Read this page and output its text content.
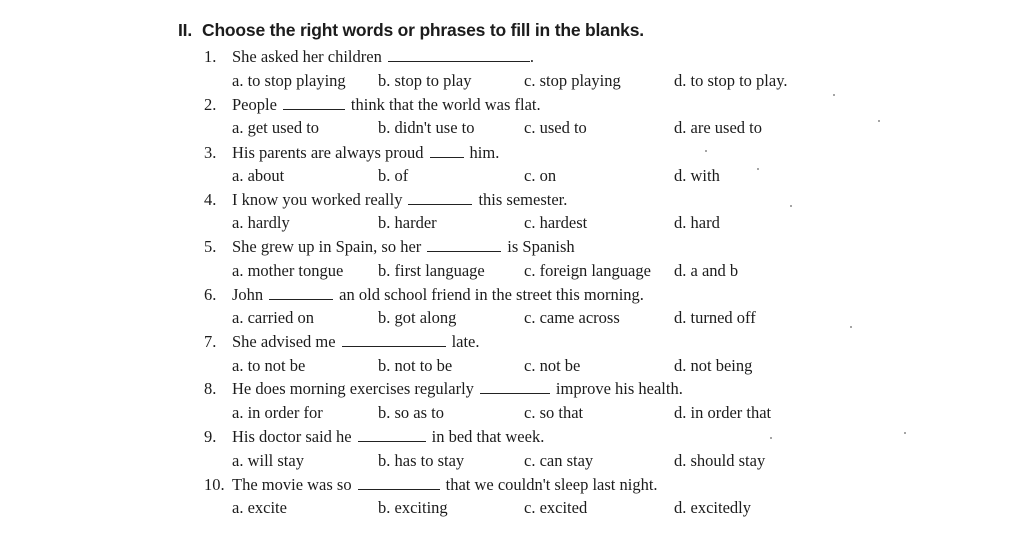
II. Choose the right words or phrases to fill in the blanks.
1. She asked her children	.
a. to stop playing b. stop to play	c. stop playing	d. to stop to play.
2. People	think that the world was flat.
a. get used to	b. didn't use to	c. used to	d. are used to
3. His parents are always proud	him.
a. about	b. of	c. on	d. with
4. I know you worked really	this semester.
a. hardly	b. harder	c. hardest	d. hard
5. She grew up in Spain, so her	is Spanish
a. mother tongue b. first language c. foreign language d. a and b
6. John	an old school friend in the street this morning.
a. carried on	b. got along	c. came across	d. turned off
7. She advised me	late.
a. to not be	b. not to be	c. not be	d. not being
8. He does morning exercises regularly	improve his health.
a. in order for	b. so as to	c. so that	d. in order that
9. His doctor said he	in bed that week.
a. will stay	b. has to stay	c. can stay	d. should stay
10. The movie was so	that we couldn't sleep last night.
a. excite	b. exciting	c. excited	d. excitedly
